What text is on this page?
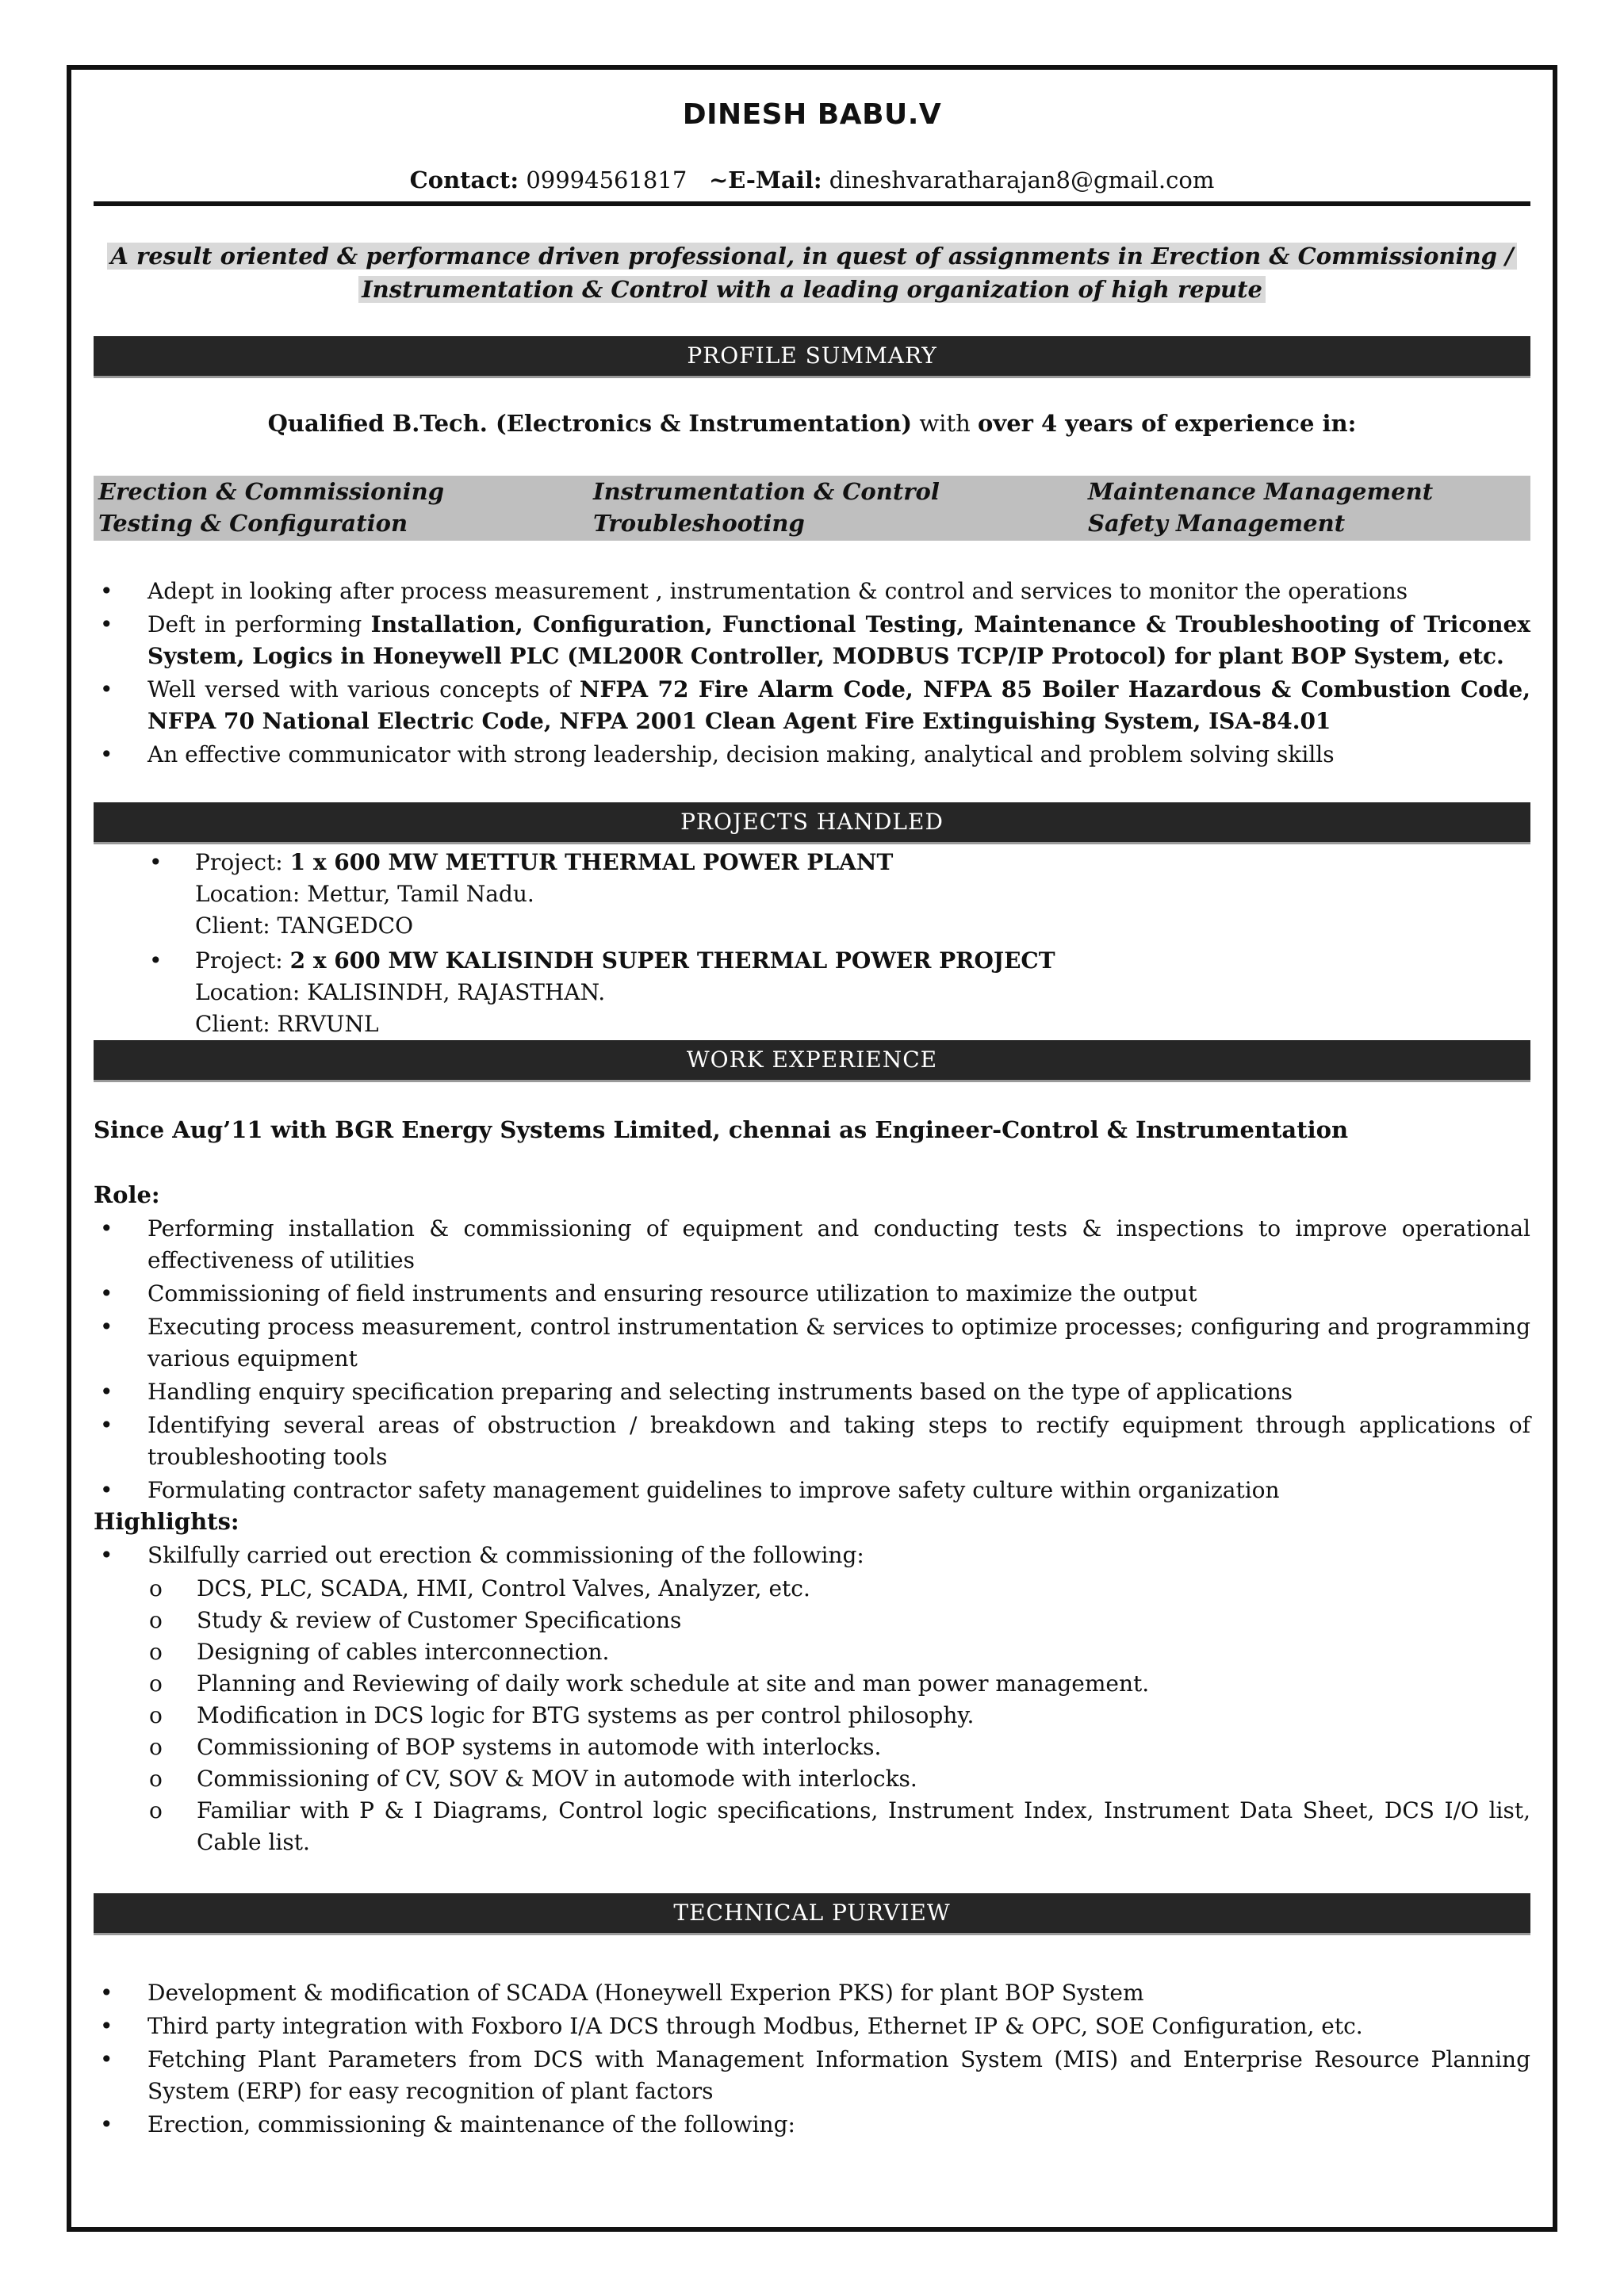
DINESH BABU.V
Contact: 09994561817 ~E-Mail: dineshvaratharajan8@gmail.com
A result oriented & performance driven professional, in quest of assignments in Erection & Commissioning /
Instrumentation & Control with a leading organization of high repute
PROFILE SUMMARY
Qualified B.Tech. (Electronics & Instrumentation) with over 4 years of experience in:
Erection & Commissioning	Instrumentation & Control	Maintenance Management
Testing & Configuration	Troubleshooting	Safety Management
• Adept in looking after process measurement , instrumentation & control and services to monitor the operations
• Deft in performing Installation, Configuration, Functional Testing, Maintenance & Troubleshooting of Triconex System, Logics in Honeywell PLC (ML200R Controller, MODBUS TCP/IP Protocol) for plant BOP System, etc.
• Well versed with various concepts of NFPA 72 Fire Alarm Code, NFPA 85 Boiler Hazardous & Combustion Code, NFPA 70 National Electric Code, NFPA 2001 Clean Agent Fire Extinguishing System, ISA-84.01
• An effective communicator with strong leadership, decision making, analytical and problem solving skills
PROJECTS HANDLED
• Project: 1 x 600 MW METTUR THERMAL POWER PLANT
Location: Mettur, Tamil Nadu.
Client: TANGEDCO
• Project: 2 x 600 MW KALISINDH SUPER THERMAL POWER PROJECT
Location: KALISINDH, RAJASTHAN.
Client: RRVUNL
WORK EXPERIENCE
Since Aug’11 with BGR Energy Systems Limited, chennai as Engineer-Control & Instrumentation
Role:
• Performing installation & commissioning of equipment and conducting tests & inspections to improve operational effectiveness of utilities
• Commissioning of field instruments and ensuring resource utilization to maximize the output
• Executing process measurement, control instrumentation & services to optimize processes; configuring and programming various equipment
• Handling enquiry specification preparing and selecting instruments based on the type of applications
• Identifying several areas of obstruction / breakdown and taking steps to rectify equipment through applications of troubleshooting tools
• Formulating contractor safety management guidelines to improve safety culture within organization
Highlights:
• Skilfully carried out erection & commissioning of the following:
o DCS, PLC, SCADA, HMI, Control Valves, Analyzer, etc.
o Study & review of Customer Specifications
o Designing of cables interconnection.
o Planning and Reviewing of daily work schedule at site and man power management.
o Modification in DCS logic for BTG systems as per control philosophy.
o Commissioning of BOP systems in automode with interlocks.
o Commissioning of CV, SOV & MOV in automode with interlocks.
o Familiar with P & I Diagrams, Control logic specifications, Instrument Index, Instrument Data Sheet, DCS I/O list, Cable list.
TECHNICAL PURVIEW
• Development & modification of SCADA (Honeywell Experion PKS) for plant BOP System
• Third party integration with Foxboro I/A DCS through Modbus, Ethernet IP & OPC, SOE Configuration, etc.
• Fetching Plant Parameters from DCS with Management Information System (MIS) and Enterprise Resource Planning System (ERP) for easy recognition of plant factors
• Erection, commissioning & maintenance of the following:
